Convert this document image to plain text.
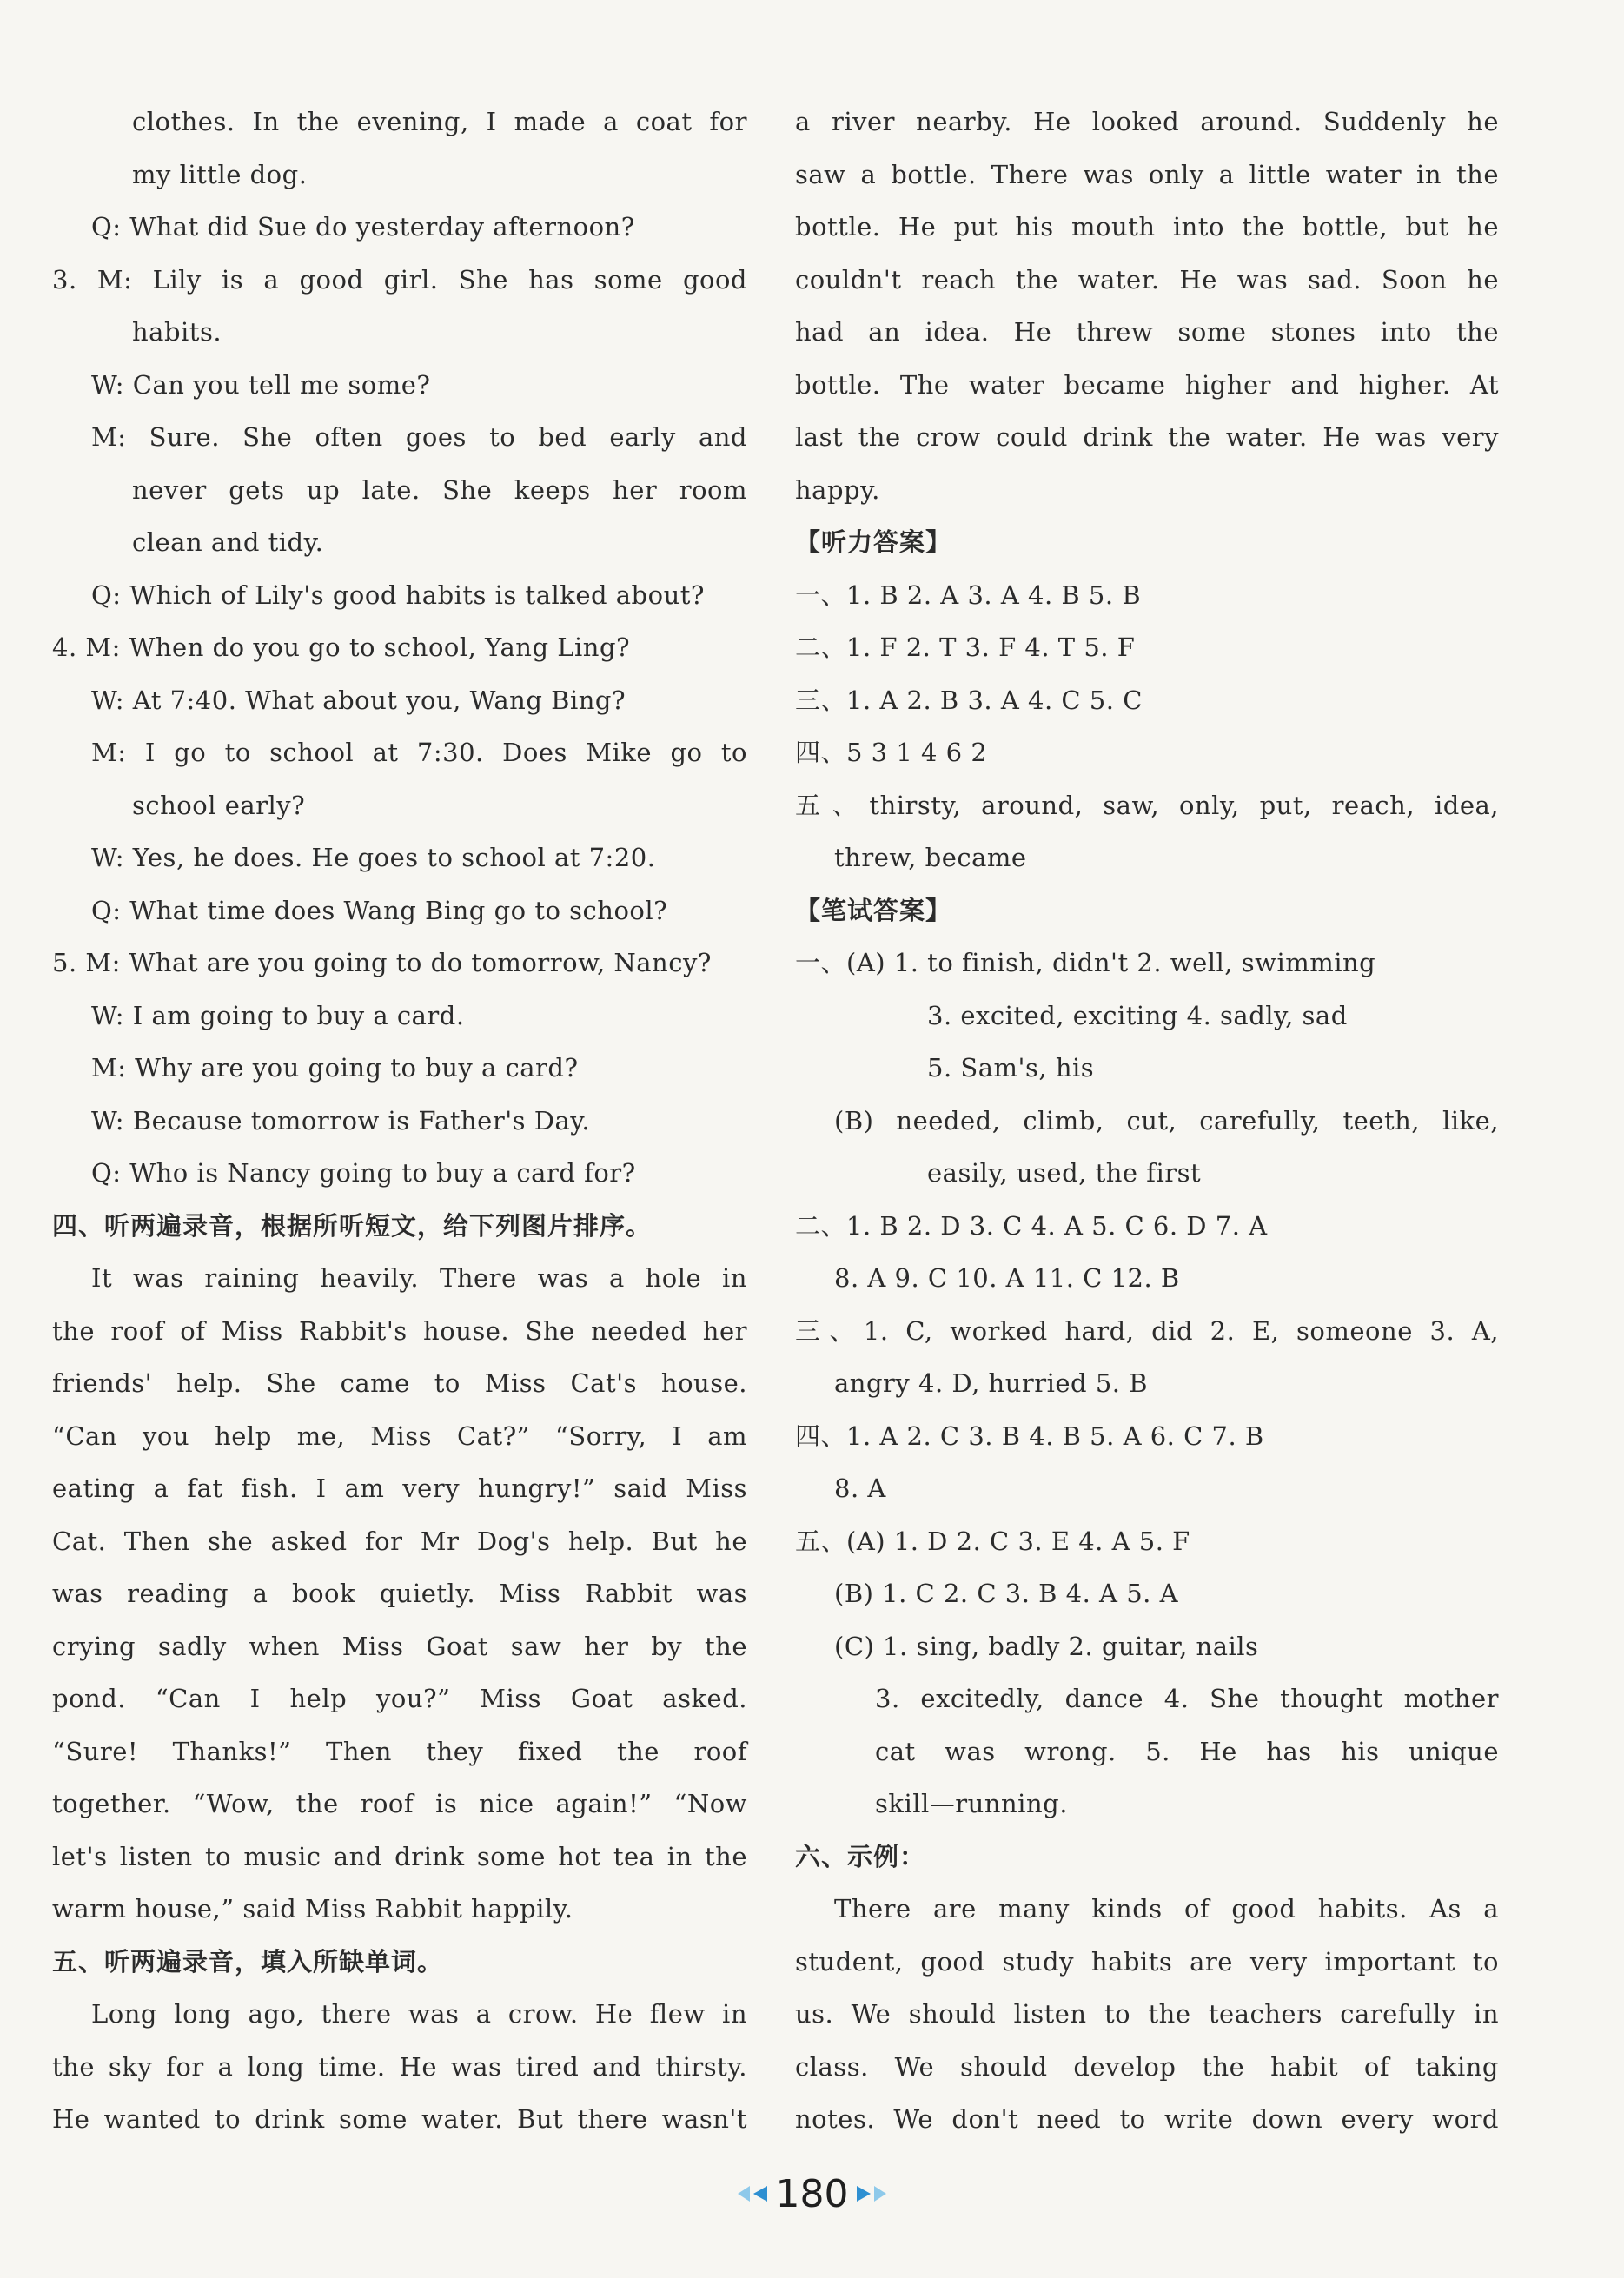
clothes. In the evening, I made a coat for
my little dog.
Q: What did Sue do yesterday afternoon?
3. M: Lily is a good girl. She has some good
habits.
W: Can you tell me some?
M: Sure. She often goes to bed early and
never gets up late. She keeps her room
clean and tidy.
Q: Which of Lily's good habits is talked about?
4. M: When do you go to school, Yang Ling?
W: At 7:40. What about you, Wang Bing?
M: I go to school at 7:30. Does Mike go to
school early?
W: Yes, he does. He goes to school at 7:20.
Q: What time does Wang Bing go to school?
5. M: What are you going to do tomorrow, Nancy?
W: I am going to buy a card.
M: Why are you going to buy a card?
W: Because tomorrow is Father's Day.
Q: Who is Nancy going to buy a card for?
四、听两遍录音，根据所听短文，给下列图片排序。
It was raining heavily. There was a hole in
the roof of Miss Rabbit's house. She needed her
friends' help. She came to Miss Cat's house.
“Can you help me, Miss Cat?” “Sorry, I am
eating a fat fish. I am very hungry!” said Miss
Cat. Then she asked for Mr Dog's help. But he
was reading a book quietly. Miss Rabbit was
crying sadly when Miss Goat saw her by the
pond. “Can I help you?” Miss Goat asked.
“Sure! Thanks!” Then they fixed the roof
together. “Wow, the roof is nice again!” “Now
let's listen to music and drink some hot tea in the
warm house,” said Miss Rabbit happily.
五、听两遍录音，填入所缺单词。
Long long ago, there was a crow. He flew in
the sky for a long time. He was tired and thirsty.
He wanted to drink some water. But there wasn't
a river nearby. He looked around. Suddenly he
saw a bottle. There was only a little water in the
bottle. He put his mouth into the bottle, but he
couldn't reach the water. He was sad. Soon he
had an idea. He threw some stones into the
bottle. The water became higher and higher. At
last the crow could drink the water. He was very
happy.
【听力答案】
一、1. B 2. A 3. A 4. B 5. B
二、1. F 2. T 3. F 4. T 5. F
三、1. A 2. B 3. A 4. C 5. C
四、5 3 1 4 6 2
五、thirsty, around, saw, only, put, reach, idea,
threw, became
【笔试答案】
一、(A) 1. to finish, didn't 2. well, swimming
3. excited, exciting 4. sadly, sad
5. Sam's, his
(B) needed, climb, cut, carefully, teeth, like,
easily, used, the first
二、1. B 2. D 3. C 4. A 5. C 6. D 7. A
8. A 9. C 10. A 11. C 12. B
三、1. C, worked hard, did 2. E, someone 3. A,
angry 4. D, hurried 5. B
四、1. A 2. C 3. B 4. B 5. A 6. C 7. B
8. A
五、(A) 1. D 2. C 3. E 4. A 5. F
(B) 1. C 2. C 3. B 4. A 5. A
(C) 1. sing, badly 2. guitar, nails
3. excitedly, dance 4. She thought mother
cat was wrong. 5. He has his unique
skill—running.
六、示例：
There are many kinds of good habits. As a
student, good study habits are very important to
us. We should listen to the teachers carefully in
class. We should develop the habit of taking
notes. We don't need to write down every word
180
